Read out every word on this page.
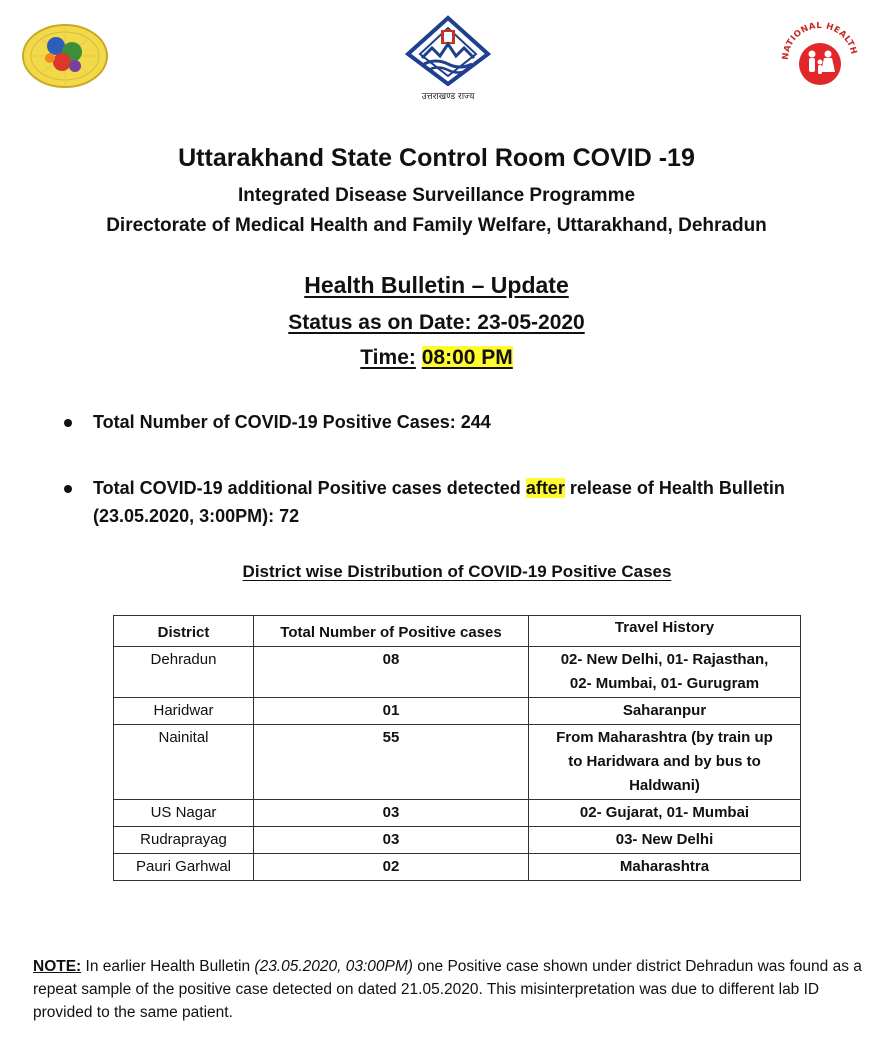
उत्तराखण्ड राज्य
NATIONAL HEALTH
Uttarakhand State Control Room COVID -19
Integrated Disease Surveillance Programme
Directorate of Medical Health and Family Welfare, Uttarakhand, Dehradun
Health Bulletin – Update
Status as on Date: 23-05-2020
Time: 08:00 PM
Total Number of COVID-19 Positive Cases: 244
Total COVID-19 additional Positive cases detected after release of Health Bulletin (23.05.2020, 3:00PM): 72
District wise Distribution of COVID-19 Positive Cases
District	Total Number of Positive cases	Travel History
Dehradun	08	02- New Delhi, 01- Rajasthan,
02- Mumbai, 01- Gurugram

Haridwar	01	Saharanpur

Nainital	55	From Maharashtra (by train up
to Haridwara and by bus to
Haldwani)

US Nagar	03	02- Gujarat, 01- Mumbai

Rudraprayag	03	03- New Delhi

Pauri Garhwal	02	Maharashtra
NOTE: In earlier Health Bulletin (23.05.2020, 03:00PM) one Positive case shown under district Dehradun was found as a repeat sample of the positive case detected on dated 21.05.2020. This misinterpretation was due to different lab ID provided to the same patient.
